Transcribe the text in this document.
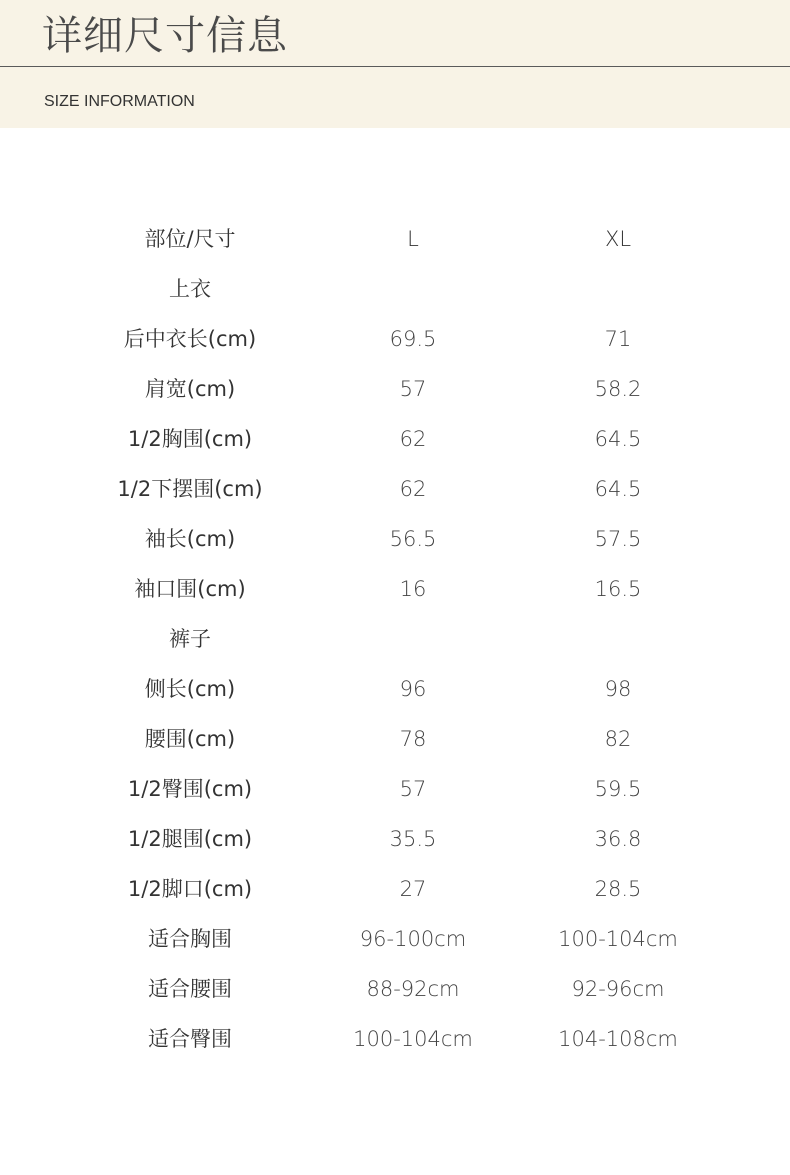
详细尺寸信息
SIZE INFORMATION
部位/尺寸	L	XL
上衣
后中衣长(cm)	69.5	71
肩宽(cm)	57	58.2
1/2胸围(cm)	62	64.5
1/2下摆围(cm)	62	64.5
袖长(cm)	56.5	57.5
袖口围(cm)	16	16.5
裤子
侧长(cm)	96	98
腰围(cm)	78	82
1/2臀围(cm)	57	59.5
1/2腿围(cm)	35.5	36.8
1/2脚口(cm)	27	28.5
适合胸围	96-100cm	100-104cm
适合腰围	88-92cm	92-96cm
适合臀围	100-104cm	104-108cm
